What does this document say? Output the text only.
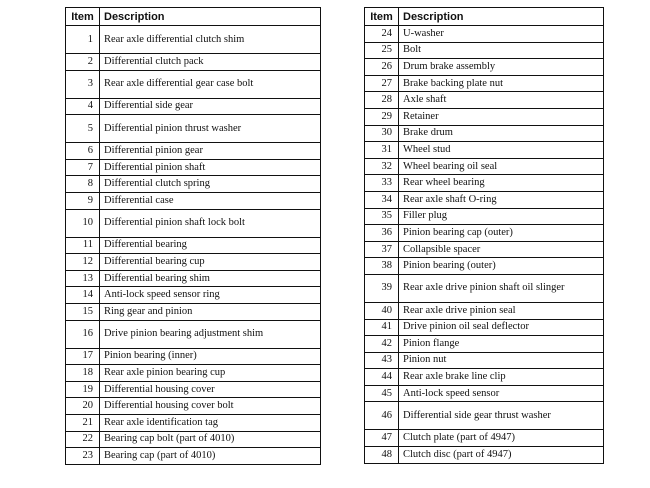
Item	Description
1	Rear axle differential clutch shim
2	Differential clutch pack
3	Rear axle differential gear case bolt
4	Differential side gear
5	Differential pinion thrust washer
6	Differential pinion gear
7	Differential pinion shaft
8	Differential clutch spring
9	Differential case
10	Differential pinion shaft lock bolt
11	Differential bearing
12	Differential bearing cup
13	Differential bearing shim
14	Anti-lock speed sensor ring
15	Ring gear and pinion
16	Drive pinion bearing adjustment shim
17	Pinion bearing (inner)
18	Rear axle pinion bearing cup
19	Differential housing cover
20	Differential housing cover bolt
21	Rear axle identification tag
22	Bearing cap bolt (part of 4010)
23	Bearing cap (part of 4010)
Item	Description
24	U-washer
25	Bolt
26	Drum brake assembly
27	Brake backing plate nut
28	Axle shaft
29	Retainer
30	Brake drum
31	Wheel stud
32	Wheel bearing oil seal
33	Rear wheel bearing
34	Rear axle shaft O-ring
35	Filler plug
36	Pinion bearing cap (outer)
37	Collapsible spacer
38	Pinion bearing (outer)
39	Rear axle drive pinion shaft oil slinger
40	Rear axle drive pinion seal
41	Drive pinion oil seal deflector
42	Pinion flange
43	Pinion nut
44	Rear axle brake line clip
45	Anti-lock speed sensor
46	Differential side gear thrust washer
47	Clutch plate (part of 4947)
48	Clutch disc (part of 4947)
